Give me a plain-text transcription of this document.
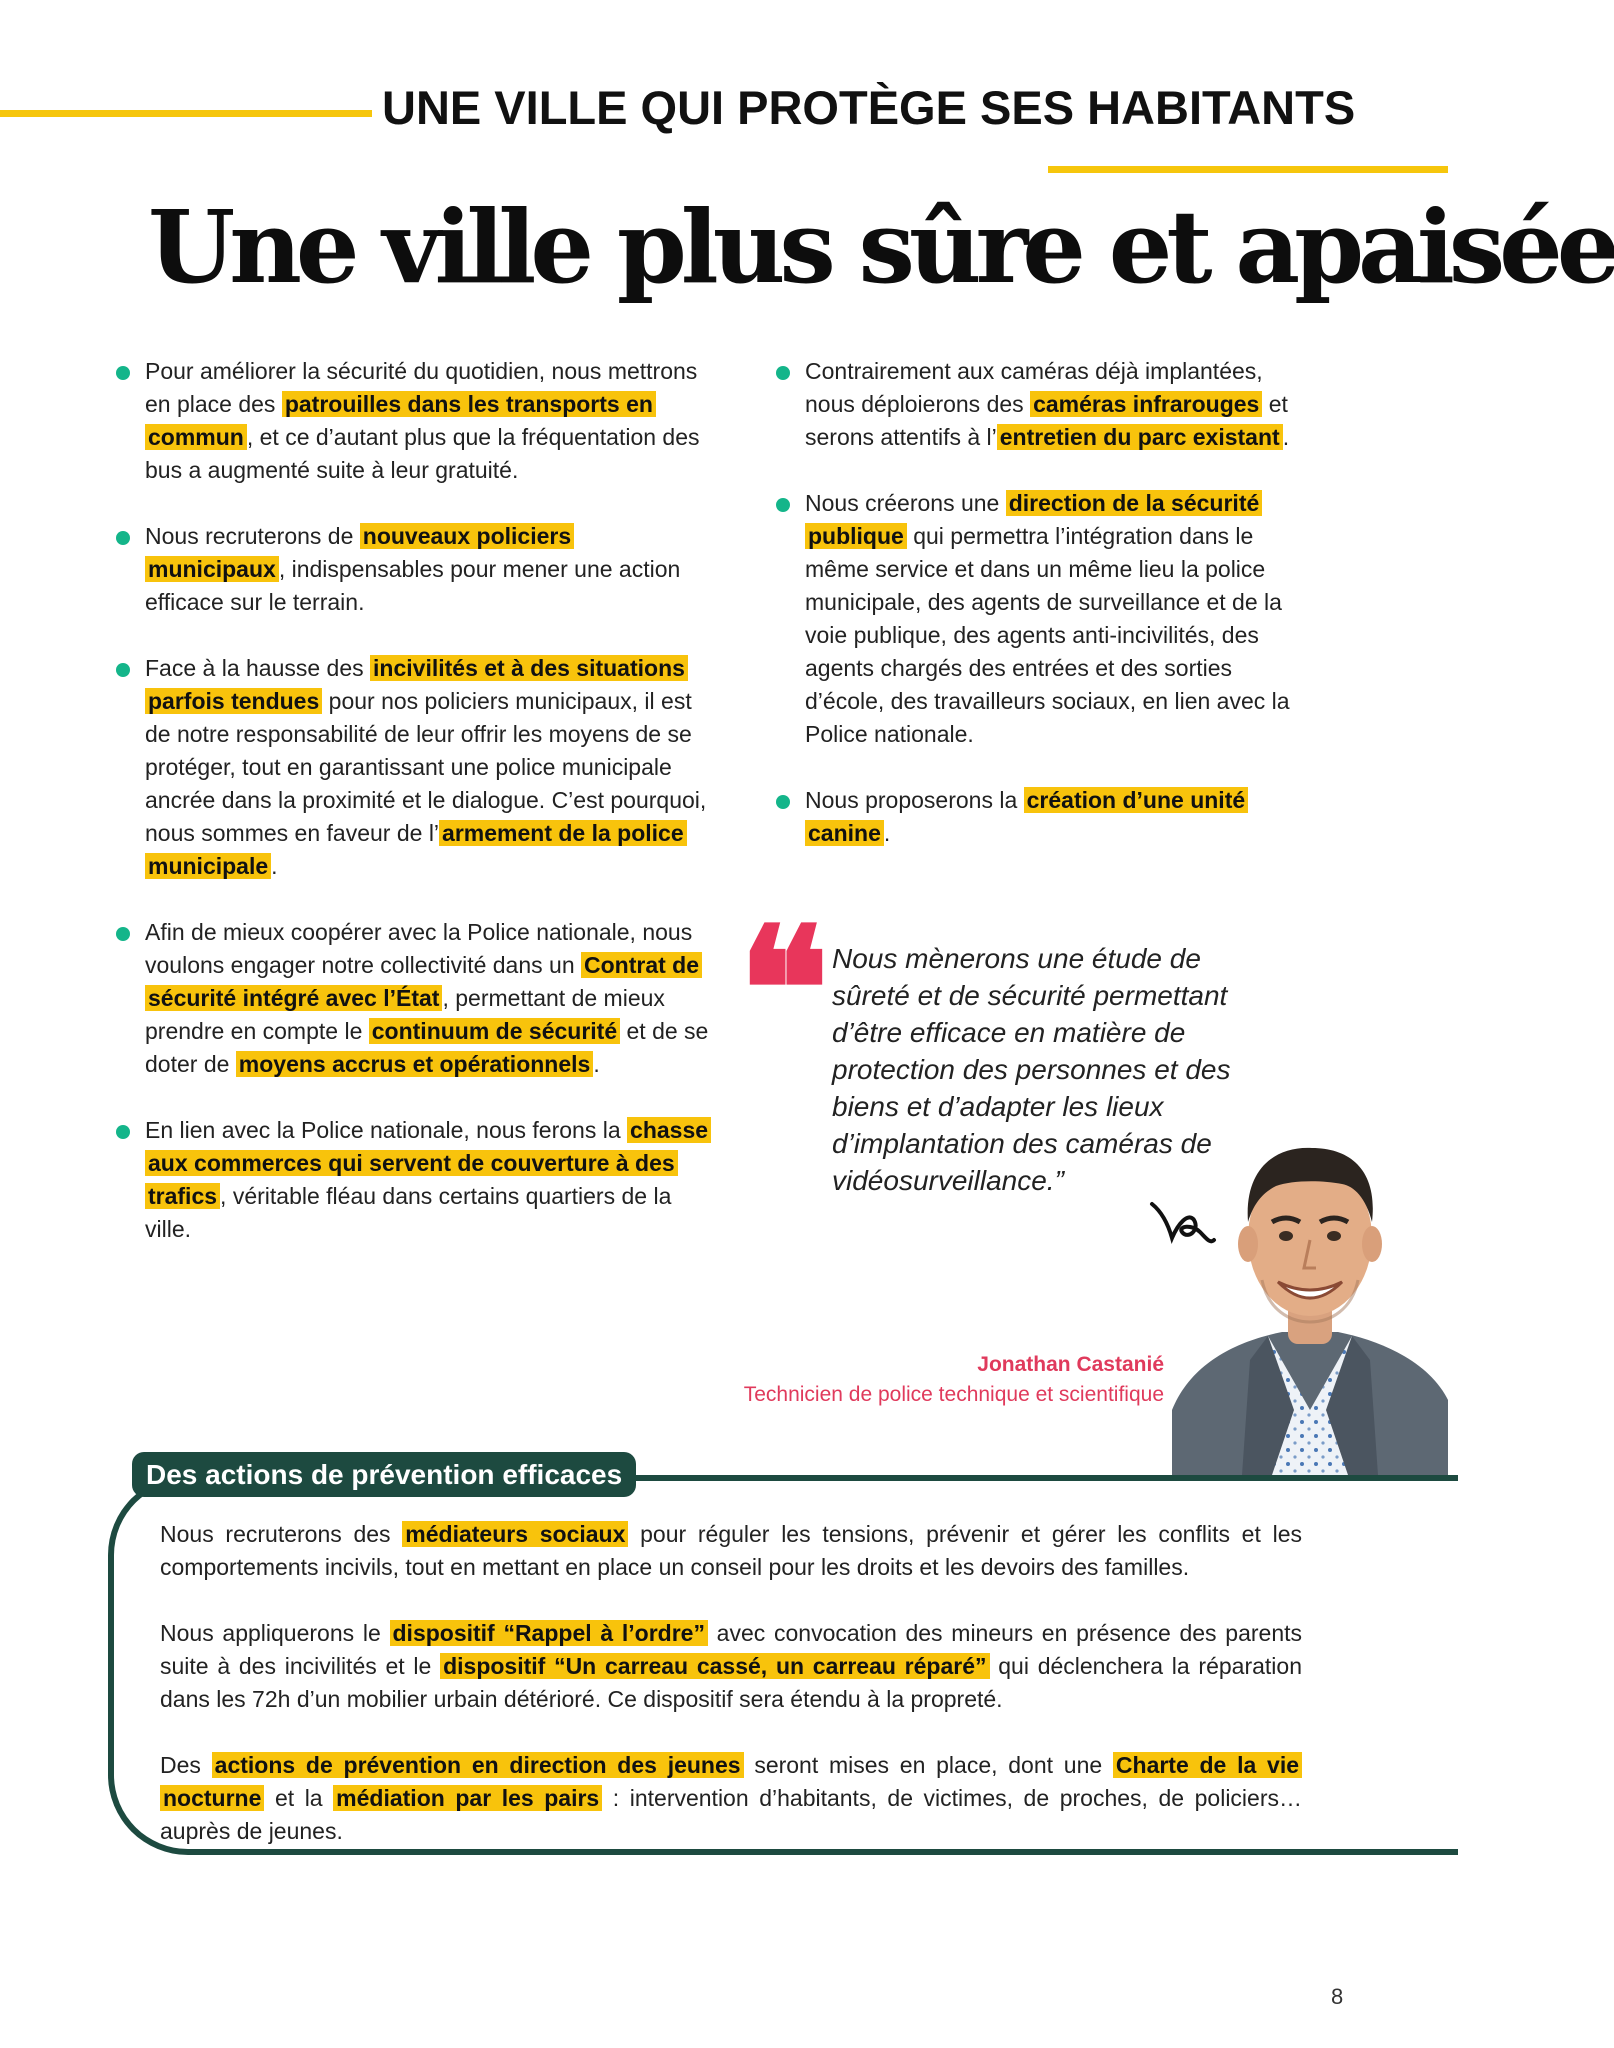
UNE VILLE QUI PROTÈGE SES HABITANTS
Une ville plus sûre et apaisée

Pour améliorer la sécurité du quotidien, nous mettrons en place des patrouilles dans les transports en commun , et ce d’autant plus que la fréquentation des bus a augmenté suite à leur gratuité.

Nous recruterons de nouveaux policiers municipaux , indispensables pour mener une action efficace sur le terrain.

Face à la hausse des incivilités et à des situations parfois tendues pour nos policiers municipaux, il est de notre responsabilité de leur offrir les moyens de se protéger, tout en garantissant une police municipale ancrée dans la proximité et le dialogue. C’est pourquoi, nous sommes en faveur de l’ armement de la police municipale .

Afin de mieux coopérer avec la Police nationale, nous voulons engager notre collectivité dans un Contrat de sécurité intégré avec l’État , permettant de mieux prendre en compte le continuum de sécurité et de se doter de moyens accrus et opérationnels .

En lien avec la Police nationale, nous ferons la chasse aux commerces qui servent de couverture à des trafics , véritable fléau dans certains quartiers de la ville.

Contrairement aux caméras déjà implantées, nous déploierons des caméras infrarouges et serons attentifs à l’ entretien du parc existant .

Nous créerons une direction de la sécurité publique qui permettra l’intégration dans le même service et dans un même lieu la police municipale, des agents de surveillance et de la voie publique, des agents anti-incivilités, des agents chargés des entrées et des sorties d’école, des travailleurs sociaux, en lien avec la Police nationale.

Nous proposerons la création d’une unité canine .

❝ Nous mènerons une étude de sûreté et de sécurité permettant d’être efficace en matière de protection des personnes et des biens et d’adapter les lieux d’implantation des caméras de vidéosurveillance.”
Jonathan Castanié
Technicien de police technique et scientifique
Des actions de prévention efficaces

Nous recruterons des médiateurs sociaux pour réguler les tensions, prévenir et gérer les conflits et les comportements incivils, tout en mettant en place un conseil pour les droits et les devoirs des familles.

Nous appliquerons le dispositif “Rappel à l’ordre” avec convocation des mineurs en présence des parents suite à des incivilités et le dispositif “Un carreau cassé, un carreau réparé” qui déclenchera la réparation dans les 72h d’un mobilier urbain détérioré. Ce dispositif sera étendu à la propreté.

Des actions de prévention en direction des jeunes seront mises en place, dont une Charte de la vie nocturne et la médiation par les pairs : intervention d’habitants, de victimes, de proches, de policiers… auprès de jeunes.

8
